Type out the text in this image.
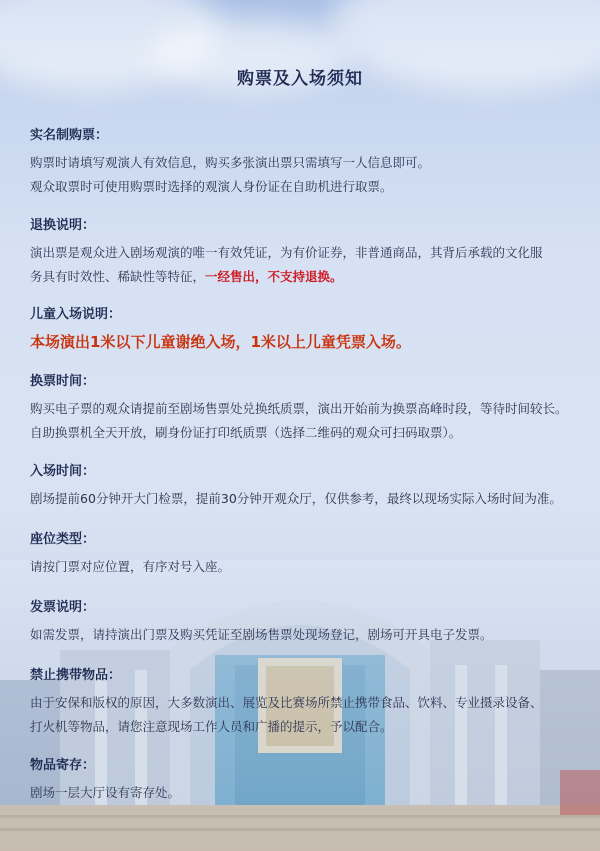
购票及入场须知
实名制购票：
购票时请填写观演人有效信息，购买多张演出票只需填写一人信息即可。
观众取票时可使用购票时选择的观演人身份证在自助机进行取票。
退换说明：
演出票是观众进入剧场观演的唯一有效凭证，为有价证券，非普通商品，其背后承载的文化服
务具有时效性、稀缺性等特征，一经售出，不支持退换。
儿童入场说明：
本场演出1米以下儿童谢绝入场，1米以上儿童凭票入场。
换票时间：
购买电子票的观众请提前至剧场售票处兑换纸质票，演出开始前为换票高峰时段，等待时间较长。
自助换票机全天开放，刷身份证打印纸质票（选择二维码的观众可扫码取票）。
入场时间：
剧场提前60分钟开大门检票，提前30分钟开观众厅，仅供参考，最终以现场实际入场时间为准。
座位类型：
请按门票对应位置，有序对号入座。
发票说明：
如需发票，请持演出门票及购买凭证至剧场售票处现场登记，剧场可开具电子发票。
禁止携带物品：
由于安保和版权的原因，大多数演出、展览及比赛场所禁止携带食品、饮料、专业摄录设备、
打火机等物品，请您注意现场工作人员和广播的提示，予以配合。
物品寄存：
剧场一层大厅设有寄存处。
